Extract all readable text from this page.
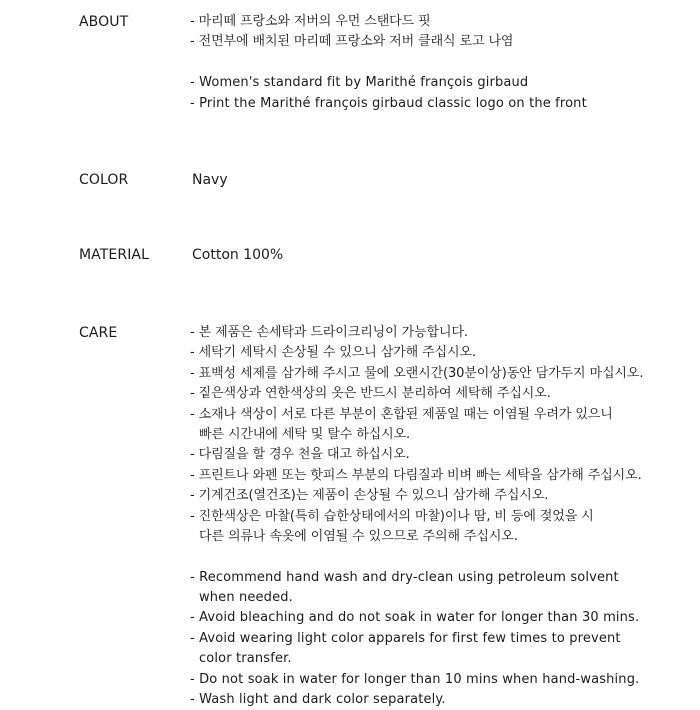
ABOUT	- 마리떼 프랑소와 저버의 우먼 스탠다드 핏
- 전면부에 배치된 마리떼 프랑소와 저버 클래식 로고 나염
- Women's standard fit by Marithé françois girbaud
- Print the Marithé françois girbaud classic logo on the front
COLOR	Navy
MATERIAL	Cotton 100%
CARE	- 본 제품은 손세탁과 드라이크리닝이 가능합니다.
- 세탁기 세탁시 손상될 수 있으니 삼가해 주십시오.
- 표백성 세제를 삼가해 주시고 물에 오랜시간(30분이상)동안 담가두지 마십시오.
- 짙은색상과 연한색상의 옷은 반드시 분리하여 세탁해 주십시오.
- 소재나 색상이 서로 다른 부분이 혼합된 제품일 때는 이염될 우려가 있으니
빠른 시간내에 세탁 및 탈수 하십시오.
- 다림질을 할 경우 천을 대고 하십시오.
- 프린트나 와펜 또는 핫피스 부분의 다림질과 비벼 빠는 세탁을 삼가해 주십시오.
- 기계건조(열건조)는 제품이 손상될 수 있으니 삼가해 주십시오.
- 진한색상은 마찰(특히 습한상태에서의 마찰)이나 땀, 비 등에 젖었을 시
다른 의류나 속옷에 이염될 수 있으므로 주의해 주십시오.
- Recommend hand wash and dry-clean using petroleum solvent
when needed.
- Avoid bleaching and do not soak in water for longer than 30 mins.
- Avoid wearing light color apparels for first few times to prevent
color transfer.
- Do not soak in water for longer than 10 mins when hand-washing.
- Wash light and dark color separately.
